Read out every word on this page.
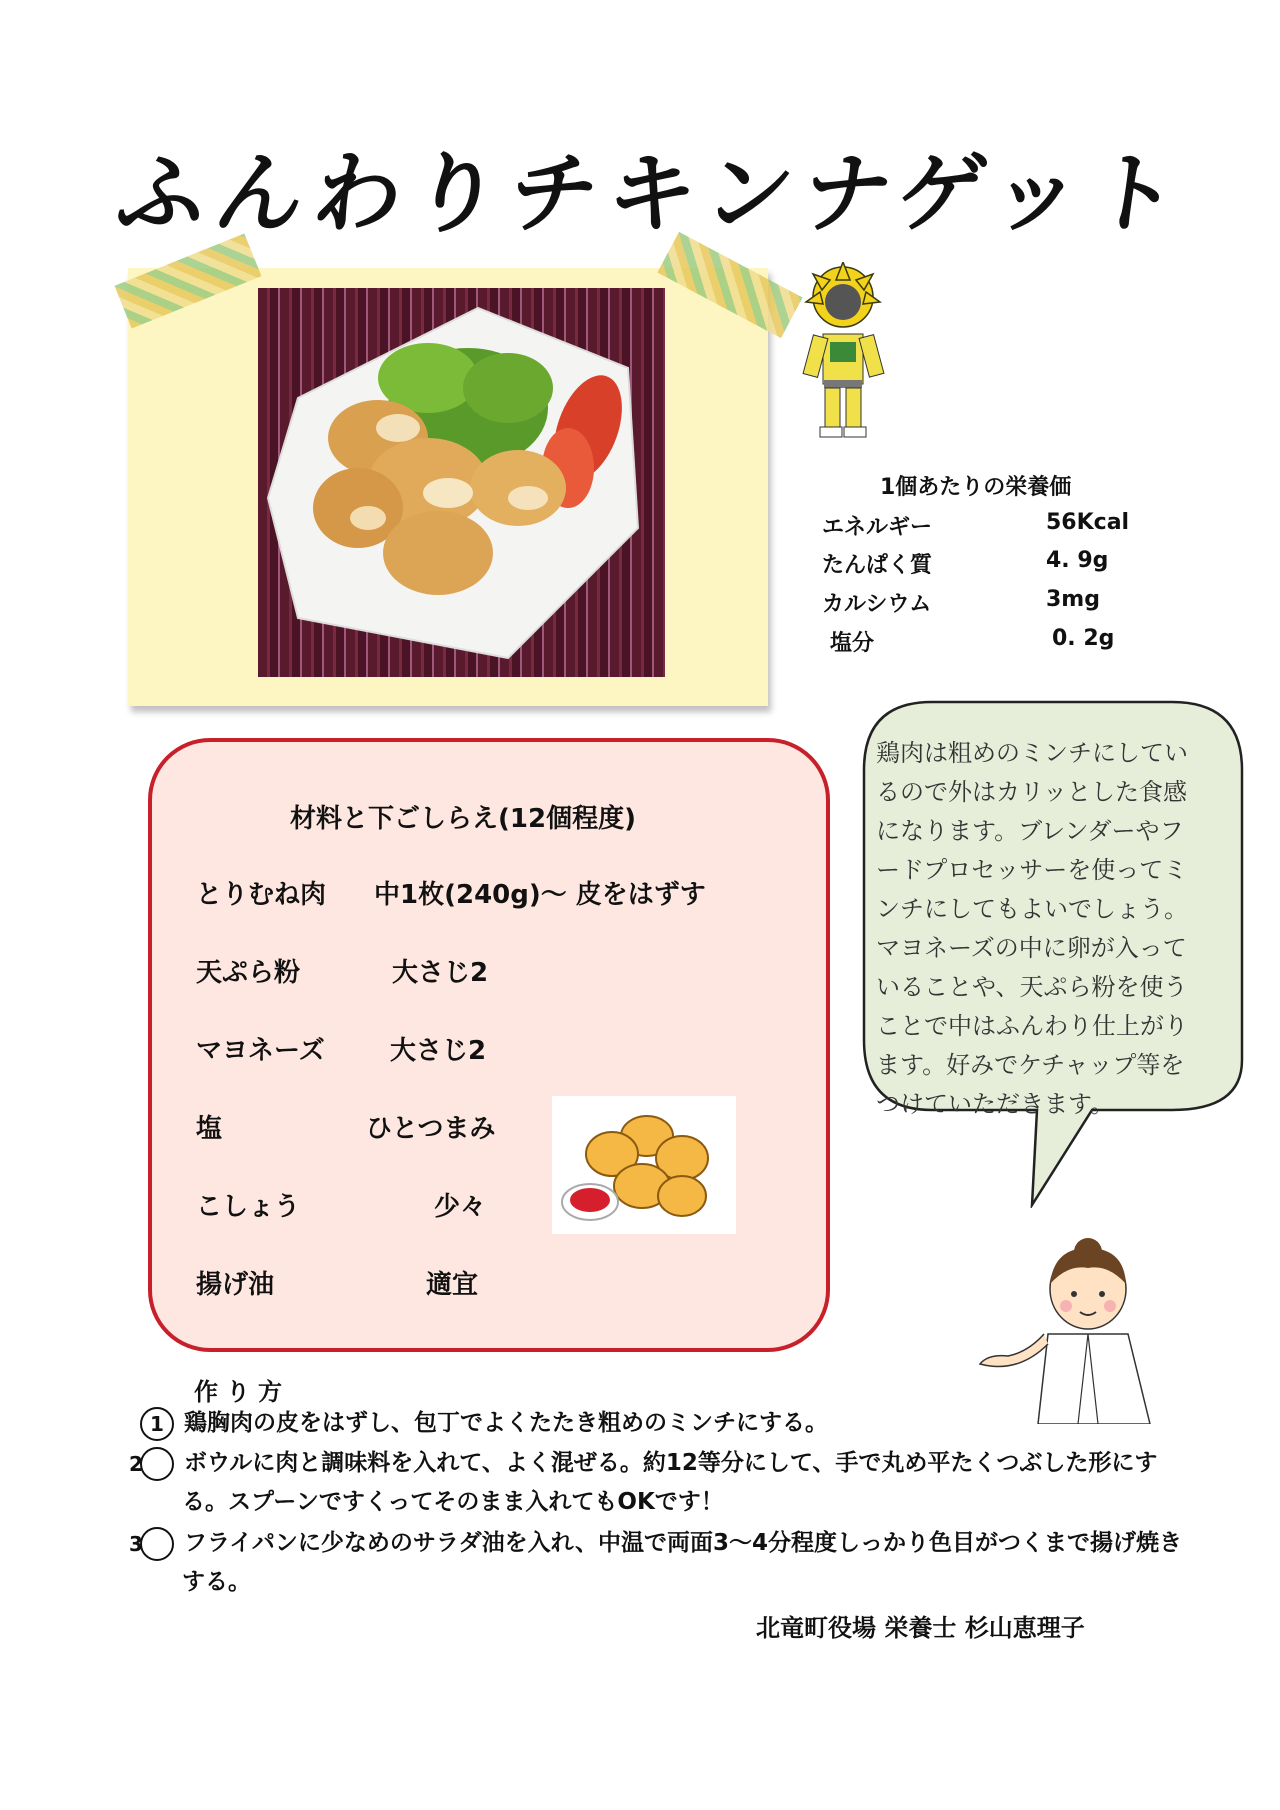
ふんわりチキンナゲット
1個あたりの栄養価
エネルギー	56Kcal
たんぱく質	4. 9g
カルシウム	3mg
塩分	0. 2g
材料と下ごしらえ(12個程度)
とりむね肉 中1枚(240g)～ 皮をはずす
天ぷら粉	大さじ2
マヨネーズ	大さじ2
塩	ひとつまみ
こしょう	少々
揚げ油	適宜
鶏肉は粗めのミンチにしているので外はカリッとした食感になります。ブレンダーやフードプロセッサーを使ってミンチにしてもよいでしょう。マヨネーズの中に卵が入っていることや、天ぷら粉を使うことで中はふんわり仕上がります。好みでケチャップ等をつけていただきます。
作り方
1 鶏胸肉の皮をはずし、包丁でよくたたき粗めのミンチにする。
2 ボウルに肉と調味料を入れて、よく混ぜる。約12等分にして、手で丸め平たくつぶした形にする。スプーンですくってそのまま入れてもOKです！
3 フライパンに少なめのサラダ油を入れ、中温で両面3～4分程度しっかり色目がつくまで揚げ焼きする。
北竜町役場 栄養士 杉山恵理子
